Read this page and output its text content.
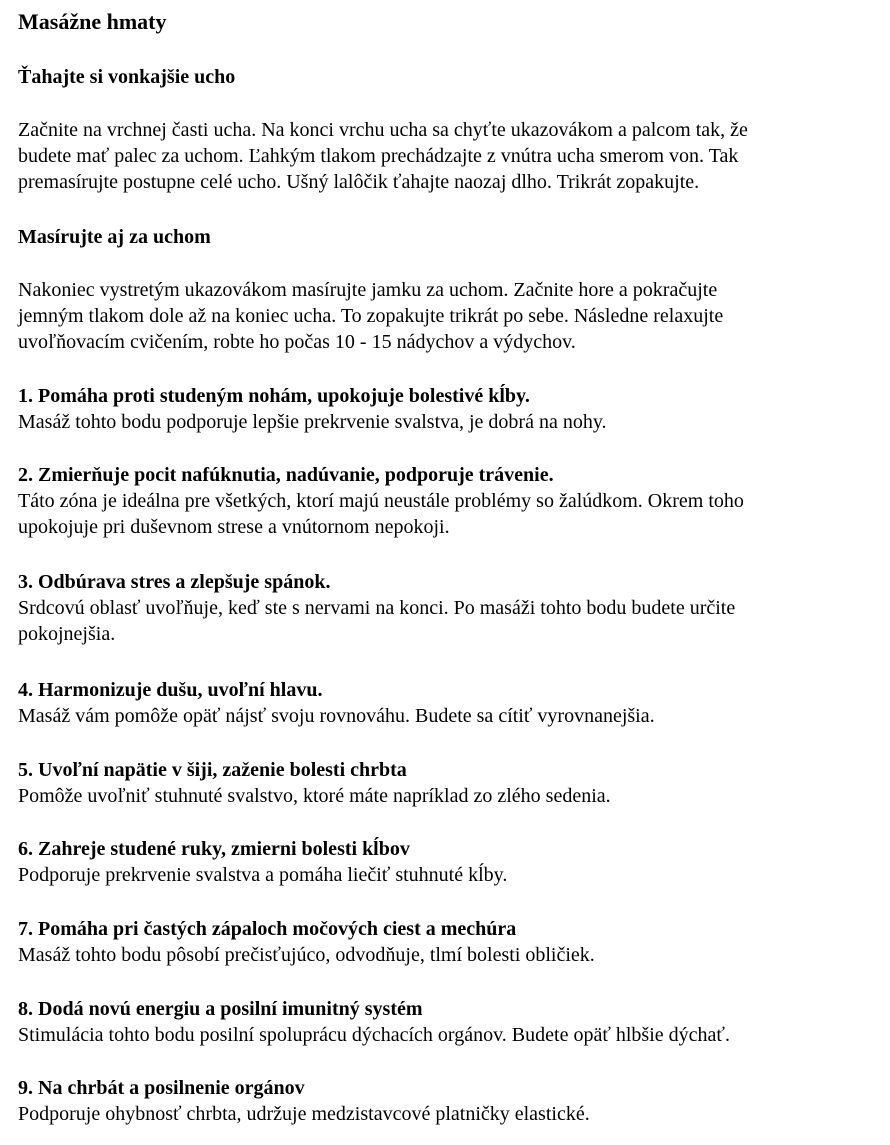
Masážne hmaty
Ťahajte si vonkajšie ucho

Začnite na vrchnej časti ucha. Na konci vrchu ucha sa chyťte ukazovákom a palcom tak, že
budete mať palec za uchom. Ľahkým tlakom prechádzajte z vnútra ucha smerom von. Tak
premasírujte postupne celé ucho. Ušný lalôčik ťahajte naozaj dlho. Trikrát zopakujte.

Masírujte aj za uchom

Nakoniec vystretým ukazovákom masírujte jamku za uchom. Začnite hore a pokračujte
jemným tlakom dole až na koniec ucha. To zopakujte trikrát po sebe. Následne relaxujte
uvoľňovacím cvičením, robte ho počas 10 - 15 nádychov a výdychov.

1. Pomáha proti studeným nohám, upokojuje bolestivé kĺby.
Masáž tohto bodu podporuje lepšie prekrvenie svalstva, je dobrá na nohy.
2. Zmierňuje pocit nafúknutia, nadúvanie, podporuje trávenie.
Táto zóna je ideálna pre všetkých, ktorí majú neustále problémy so žalúdkom. Okrem toho
upokojuje pri duševnom strese a vnútornom nepokoji.
3. Odbúrava stres a zlepšuje spánok.
Srdcovú oblasť uvoľňuje, keď ste s nervami na konci. Po masáži tohto bodu budete určite
pokojnejšia.
4. Harmonizuje dušu, uvoľní hlavu.
Masáž vám pomôže opäť nájsť svoju rovnováhu. Budete sa cítiť vyrovnanejšia.
5. Uvoľní napätie v šiji, zaženie bolesti chrbta
Pomôže uvoľniť stuhnuté svalstvo, ktoré máte napríklad zo zlého sedenia.
6. Zahreje studené ruky, zmierni bolesti kĺbov
Podporuje prekrvenie svalstva a pomáha liečiť stuhnuté kĺby.
7. Pomáha pri častých zápaloch močových ciest a mechúra
Masáž tohto bodu pôsobí prečisťujúco, odvodňuje, tlmí bolesti obličiek.
8. Dodá novú energiu a posilní imunitný systém
Stimulácia tohto bodu posilní spoluprácu dýchacích orgánov. Budete opäť hlbšie dýchať.
9. Na chrbát a posilnenie orgánov
Podporuje ohybnosť chrbta, udržuje medzistavcové platničky elastické.
